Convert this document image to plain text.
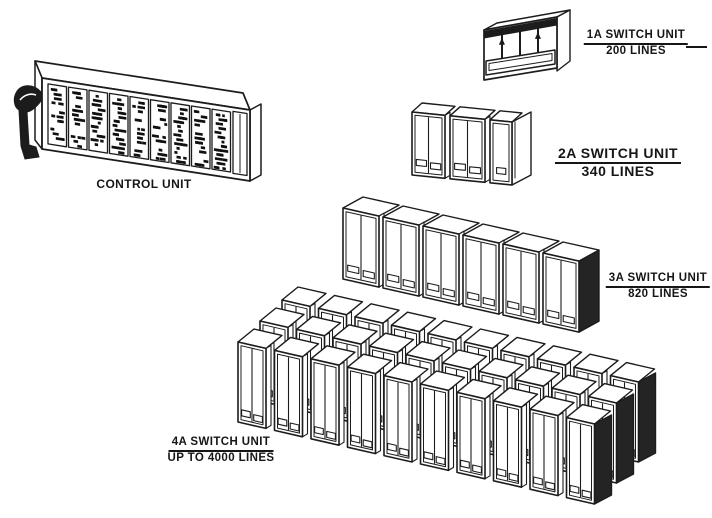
CONTROL UNIT
1A SWITCH UNIT
200 LINES
2A SWITCH UNIT
340 LINES
3A SWITCH UNIT
820 LINES
4A SWITCH UNIT
UP TO 4000 LINES
